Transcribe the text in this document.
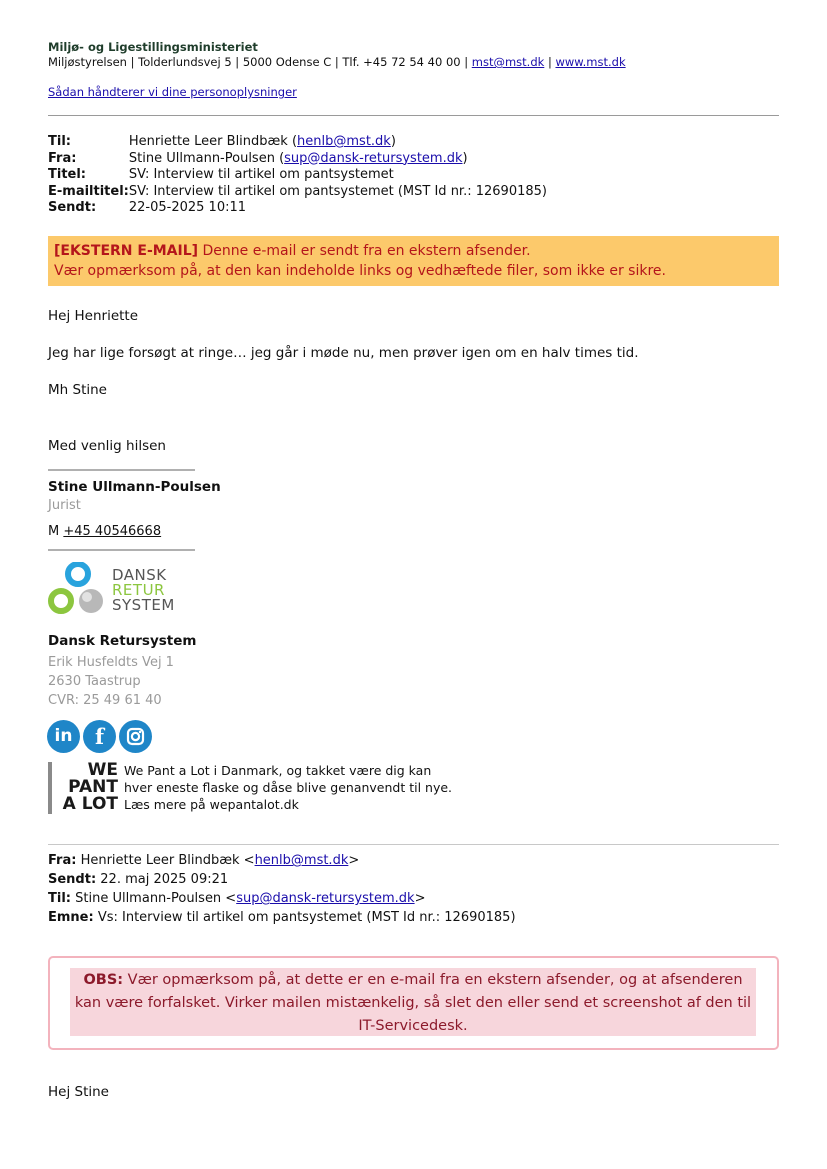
Miljø- og Ligestillingsministeriet
Miljøstyrelsen | Tolderlundsvej 5 | 5000 Odense C | Tlf. +45 72 54 40 00 | mst@mst.dk | www.mst.dk
Sådan håndterer vi dine personoplysninger
Til:	Henriette Leer Blindbæk (henlb@mst.dk)
Fra:	Stine Ullmann-Poulsen (sup@dansk-retursystem.dk)
Titel:	SV: Interview til artikel om pantsystemet
E-mailtitel:	SV: Interview til artikel om pantsystemet (MST Id nr.: 12690185)
Sendt:	22-05-2025 10:11
[EKSTERN E-MAIL] Denne e-mail er sendt fra en ekstern afsender.
Vær opmærksom på, at den kan indeholde links og vedhæftede filer, som ikke er sikre.
Hej Henriette
Jeg har lige forsøgt at ringe… jeg går i møde nu, men prøver igen om en halv times tid.
Mh Stine
Med venlig hilsen
Stine Ullmann-Poulsen
Jurist
M +45 40546668
DANSK
RETUR
SYSTEM
Dansk Retursystem
Erik Husfeldts Vej 1
2630 Taastrup
CVR: 25 49 61 40
in	f
WE
PANT
A LOT
We Pant a Lot i Danmark, og takket være dig kan
hver eneste flaske og dåse blive genanvendt til nye.
Læs mere på wepantalot.dk
Fra: Henriette Leer Blindbæk <henlb@mst.dk>
Sendt: 22. maj 2025 09:21
Til: Stine Ullmann-Poulsen <sup@dansk-retursystem.dk>
Emne: Vs: Interview til artikel om pantsystemet (MST Id nr.: 12690185)
OBS: Vær opmærksom på, at dette er en e-mail fra en ekstern afsender, og at afsenderen kan være forfalsket. Virker mailen mistænkelig, så slet den eller send et screenshot af den til IT-Servicedesk.
Hej Stine
